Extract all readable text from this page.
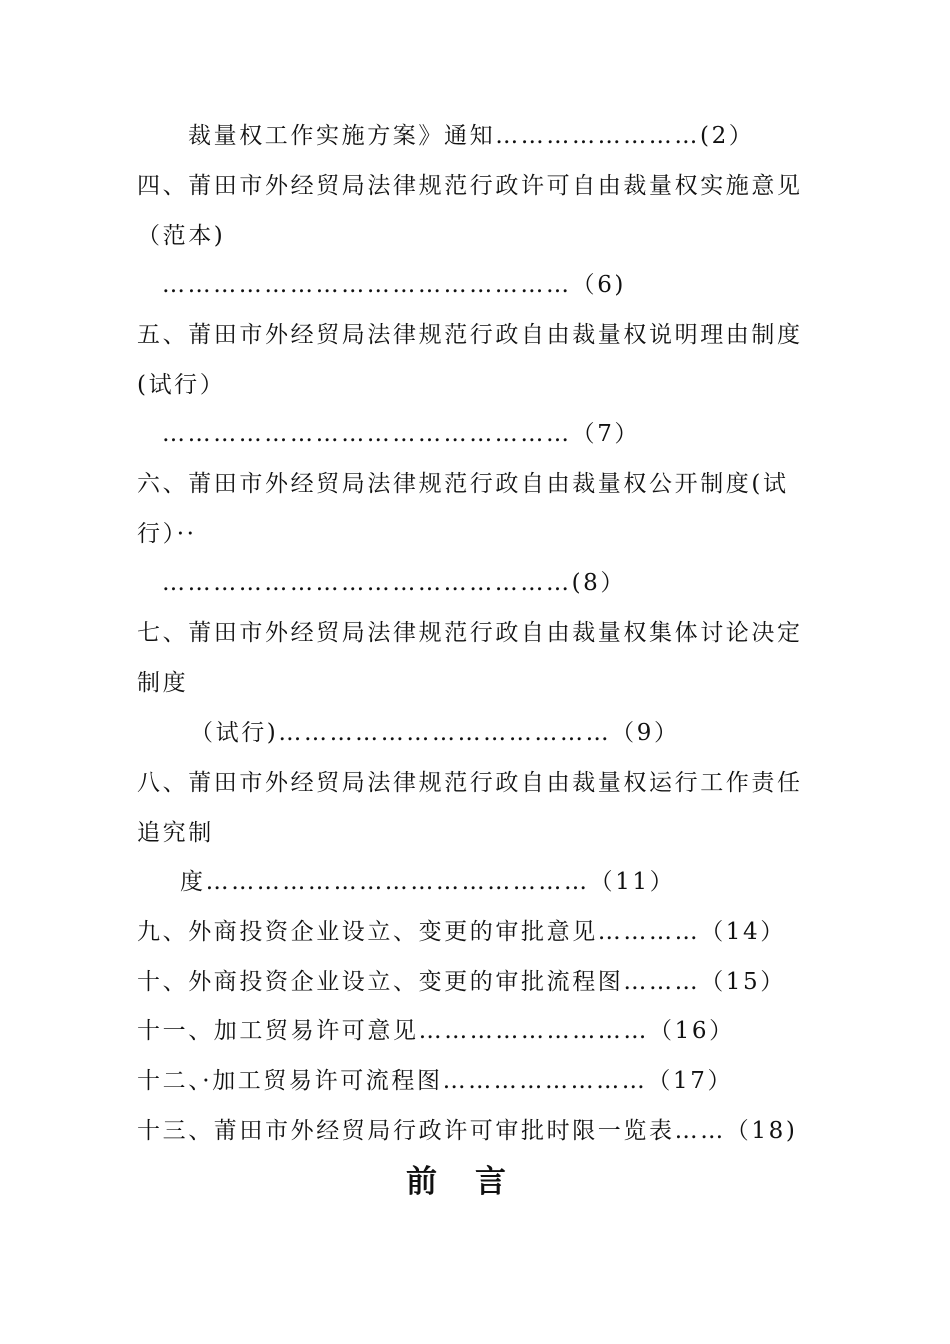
裁量权工作实施方案》通知……………………(2）
四、莆田市外经贸局法律规范行政许可自由裁量权实施意见
（范本)
…………………………………………（6)
五、莆田市外经贸局法律规范行政自由裁量权说明理由制度
(试行）
…………………………………………（7）
六、莆田市外经贸局法律规范行政自由裁量权公开制度(试
行）··
…………………………………………(8）
七、莆田市外经贸局法律规范行政自由裁量权集体讨论决定
制度
（试行)…………………………………（9）
八、莆田市外经贸局法律规范行政自由裁量权运行工作责任
追究制
度………………………………………（11）
九、外商投资企业设立、变更的审批意见…………（14）
十、外商投资企业设立、变更的审批流程图………（15）
十一、加工贸易许可意见………………………（16）
十二、·加工贸易许可流程图……………………（17）
十三、莆田市外经贸局行政许可审批时限一览表……（18)
前言
